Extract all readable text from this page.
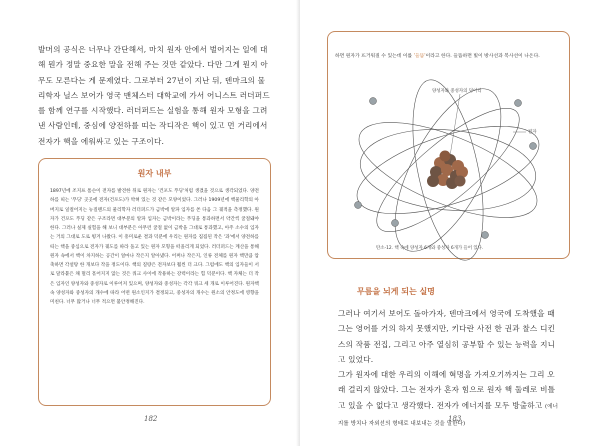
발머의 공식은 너무나 간단해서, 마치 원자 안에서 벌어지는 일에 대해 뭔가 정말 중요한 말을 전해 주는 것만 같았다. 다만 그게 뭔지 아무도 모른다는 게 문제였다. 그로부터 27년이 지난 뒤, 덴마크의 물리학자 닐스 보어가 영국 맨체스터 대학교에 가서 어니스트 러더퍼드를 함께 연구를 시작했다. 러더퍼드는 실험을 통해 원자 모형을 그려 낸 사람인데, 중심에 양전하를 띠는 작디작은 핵이 있고 먼 거리에서 전자가 핵을 에워싸고 있는 구조이다.

원자 내부

1897년에 조지프 톰슨이 전자를 발견한 뒤로 원자는 '건포도 푸딩'처럼 생겼을 것으로 생각되었다. 양전하를 띠는 '푸딩' 곳곳에 전자(건포도)가 박혀 있는 것 같은 모양이었다. 그러나 1909년에 핵물리학의 아버지로 일컬어지는 뉴질랜드의 물리학자 러더퍼드가 금박에 알파 입자를 쏜 다음 그 궤적을 측정했다. 원자가 건포도 푸딩 같은 구조라면 대부분의 알파 입자는 금박이라는 푸딩을 통과하면서 약간씩 굴절돼야 한다. 그러나 실제 실험을 해 보니 대부분은 아무런 굴절 없이 금박을 그대로 통과했고, 아주 소수의 입자는 거의 그대로 도로 튕겨 나왔다. 이 흥미로운 결과 덕분에 우리는 원자를 집집된 작은 '과'에서 양전하를 띠는 핵을 중심으로 전자가 궤도를 따라 돌고 있는 원자 모형을 떠올리게 되었다. 러더퍼드는 계산을 통해 원자 속에서 핵이 차지하는 공간이 얼마나 작은지 알아냈다. 어쩌나 작은지, 인류 전체를 원자 핵만큼 압축하면 각설탕 한 개보다 작을 정도이다. 핵의 질량은 전자보다 훨씬 더 크다. 그럼에도 핵의 입자들이 서로 달라붙은 채 멀리 흩어지지 않는 것은 쿼크 사이에 작용하는 강력이라는 힘 덕분이다. 핵 자체는 더 작은 입자인 양성자와 중성자로 이루어져 있으며, 양성자와 중성자는 각각 쿼크 세 개로 이루어진다. 원자핵 속 양성자와 중성자의 개수에 따라 어떤 원소인지가 결정되고, 중성자의 개수는 원소의 안정도에 영향을 미친다. 너무 많거나 너무 적으면 불안정해진다.

182

무름을 뇌게 되는 실명

그러나 여기서 보어도 돌아가자, 덴마크에서 영국에 도착했을 때 그는 영어를 거의 하지 못했지만, 키다란 사전 한 권과 찰스 디킨스의 작품 전집, 그리고 아주 열심히 공부할 수 있는 능력을 지니고 있었다.

그가 원자에 대한 우리의 이해에 혁명을 가져오기까지는 그리 오래 걸리지 않았다. 그는 전자가 혼자 힘으로 원자 핵 둘레로 비틀고 있을 수 없다고 생각했다. 전자가 에너지를 모두 방출하고 (에너지를 방치나 자외선의 형태로 내보내는 것을 말한다)

183

하면 원자가 뜨거워질 수 있는데 이를 '들뜸'이라고 한다. 들뜸하면 빛이 방사선과 복사선이 나온다.

양성자와 중성자의 덩어리
전자

탄소-12. 핵 속에 양성자 6개와 중성자 6개가 들어 있다.
